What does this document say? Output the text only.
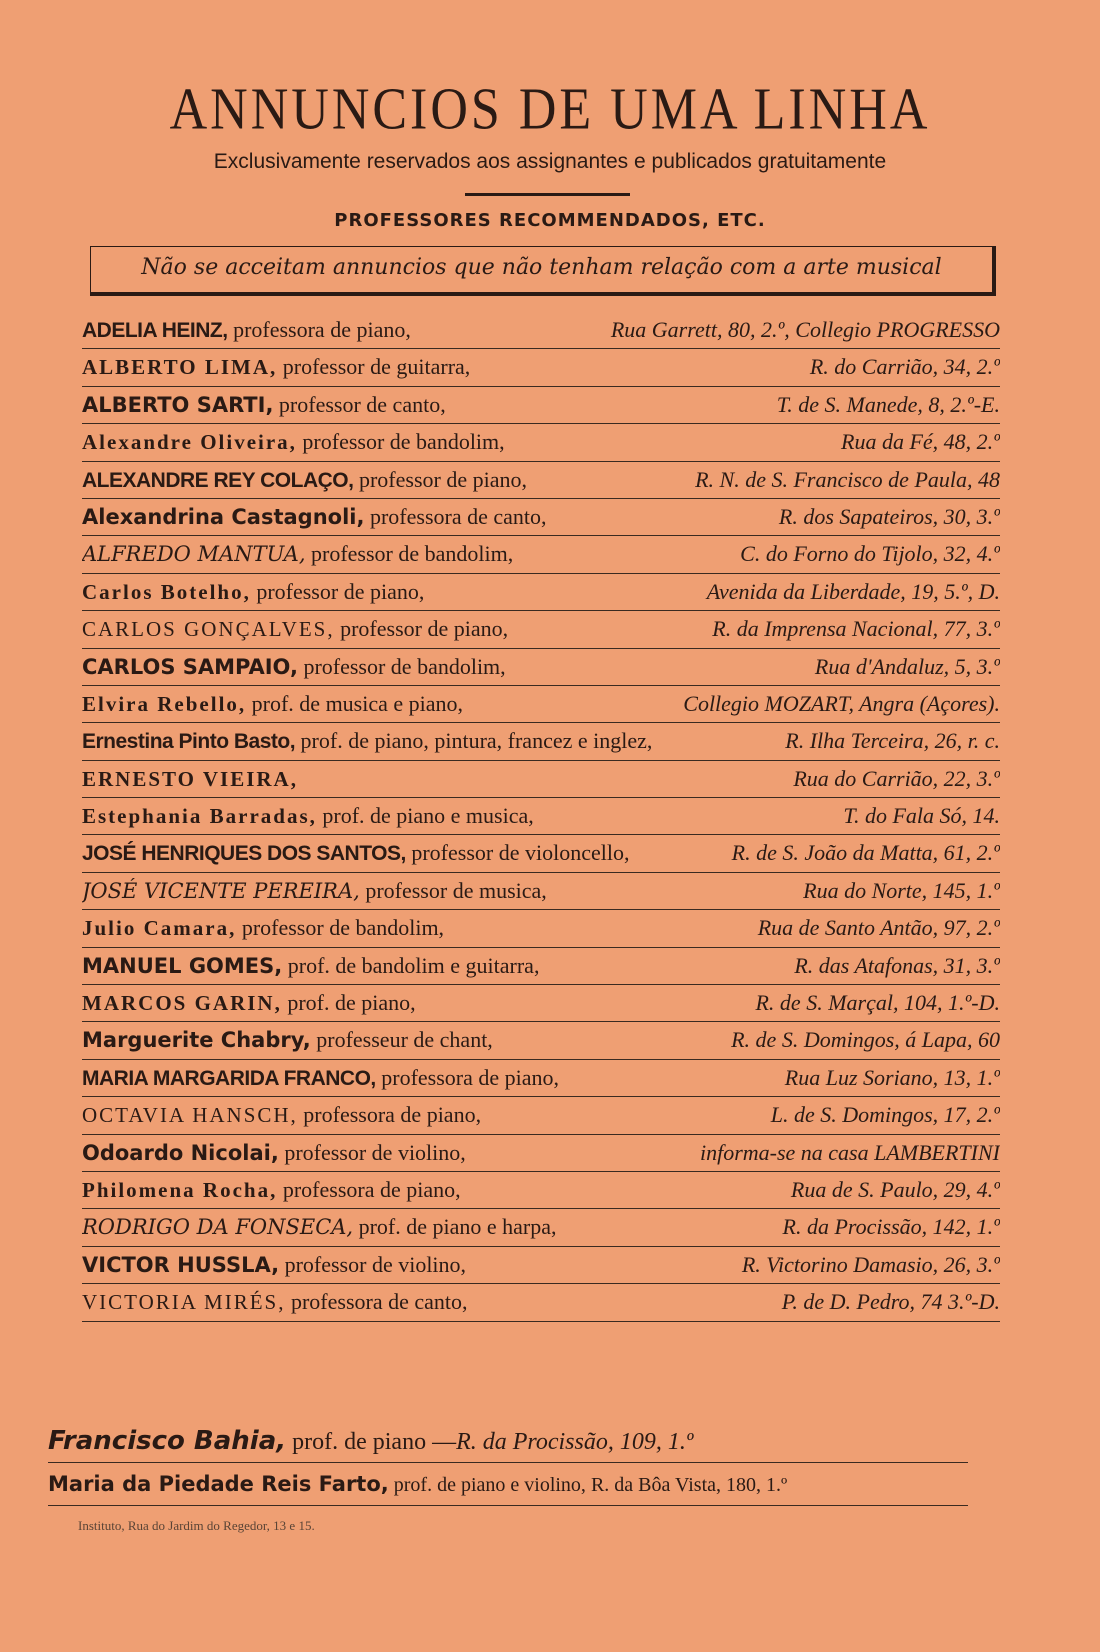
ANNUNCIOS DE UMA LINHA
Exclusivamente reservados aos assignantes e publicados gratuitamente
PROFESSORES RECOMMENDADOS, ETC.
Não se acceitam annuncios que não tenham relação com a arte musical
ADELIA HEINZ, professora de piano,	Rua Garrett, 80, 2.º, Collegio PROGRESSO
ALBERTO LIMA, professor de guitarra,	R. do Carrião, 34, 2.º
ALBERTO SARTI, professor de canto,	T. de S. Manede, 8, 2.º-E.
Alexandre Oliveira, professor de bandolim,	Rua da Fé, 48, 2.º
ALEXANDRE REY COLAÇO, professor de piano,	R. N. de S. Francisco de Paula, 48
Alexandrina Castagnoli, professora de canto,	R. dos Sapateiros, 30, 3.º
ALFREDO MANTUA, professor de bandolim,	C. do Forno do Tijolo, 32, 4.º
Carlos Botelho, professor de piano,	Avenida da Liberdade, 19, 5.º, D.
CARLOS GONÇALVES, professor de piano,	R. da Imprensa Nacional, 77, 3.º
CARLOS SAMPAIO, professor de bandolim,	Rua d'Andaluz, 5, 3.º
Elvira Rebello, prof. de musica e piano,	Collegio MOZART, Angra (Açores).
Ernestina Pinto Basto, prof. de piano, pintura, francez e inglez,	R. Ilha Terceira, 26, r. c.
ERNESTO VIEIRA,	Rua do Carrião, 22, 3.º
Estephania Barradas, prof. de piano e musica,	T. do Fala Só, 14.
JOSÉ HENRIQUES DOS SANTOS, professor de violoncello,	R. de S. João da Matta, 61, 2.º
JOSÉ VICENTE PEREIRA, professor de musica,	Rua do Norte, 145, 1.º
Julio Camara, professor de bandolim,	Rua de Santo Antão, 97, 2.º
MANUEL GOMES, prof. de bandolim e guitarra,	R. das Atafonas, 31, 3.º
MARCOS GARIN, prof. de piano,	R. de S. Marçal, 104, 1.º-D.
Marguerite Chabry, professeur de chant,	R. de S. Domingos, á Lapa, 60
MARIA MARGARIDA FRANCO, professora de piano,	Rua Luz Soriano, 13, 1.º
OCTAVIA HANSCH, professora de piano,	L. de S. Domingos, 17, 2.º
Odoardo Nicolai, professor de violino,	informa-se na casa LAMBERTINI
Philomena Rocha, professora de piano,	Rua de S. Paulo, 29, 4.º
RODRIGO DA FONSECA, prof. de piano e harpa,	R. da Procissão, 142, 1.º
VICTOR HUSSLA, professor de violino,	R. Victorino Damasio, 26, 3.º
VICTORIA MIRÉS, professora de canto,	P. de D. Pedro, 74 3.º-D.
Francisco Bahia, prof. de piano —R. da Procissão, 109, 1.º
Maria da Piedade Reis Farto, prof. de piano e violino, R. da Bôa Vista, 180, 1.º
Instituto, Rua do Jardim do Regedor, 13 e 15.
